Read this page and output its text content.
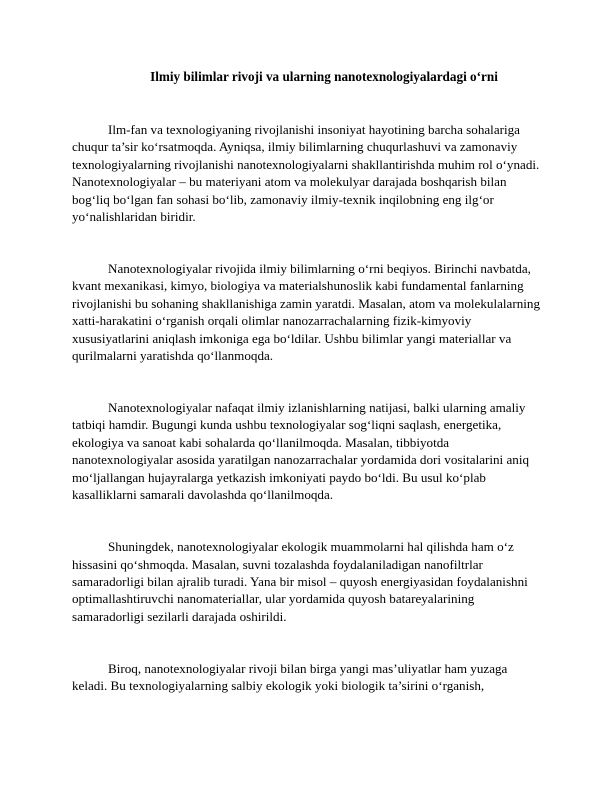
Ilmiy bilimlar rivoji va ularning nanotexnologiyalardagi o‘rni

Ilm-fan va texnologiyaning rivojlanishi insoniyat hayotining barcha sohalariga chuqur ta’sir ko‘rsatmoqda. Ayniqsa, ilmiy bilimlarning chuqurlashuvi va zamonaviy texnologiyalarning rivojlanishi nanotexnologiyalarni shakllantirishda muhim rol o‘ynadi. Nanotexnologiyalar – bu materiyani atom va molekulyar darajada boshqarish bilan bog‘liq bo‘lgan fan sohasi bo‘lib, zamonaviy ilmiy-texnik inqilobning eng ilg‘or yo‘nalishlaridan biridir.

Nanotexnologiyalar rivojida ilmiy bilimlarning o‘rni beqiyos. Birinchi navbatda, kvant mexanikasi, kimyo, biologiya va materialshunoslik kabi fundamental fanlarning rivojlanishi bu sohaning shakllanishiga zamin yaratdi. Masalan, atom va molekulalarning xatti-harakatini o‘rganish orqali olimlar nanozarrachalarning fizik-kimyoviy xususiyatlarini aniqlash imkoniga ega bo‘ldilar. Ushbu bilimlar yangi materiallar va qurilmalarni yaratishda qo‘llanmoqda.

Nanotexnologiyalar nafaqat ilmiy izlanishlarning natijasi, balki ularning amaliy tatbiqi hamdir. Bugungi kunda ushbu texnologiyalar sog‘liqni saqlash, energetika, ekologiya va sanoat kabi sohalarda qo‘llanilmoqda. Masalan, tibbiyotda nanotexnologiyalar asosida yaratilgan nanozarrachalar yordamida dori vositalarini aniq mo‘ljallangan hujayralarga yetkazish imkoniyati paydo bo‘ldi. Bu usul ko‘plab kasalliklarni samarali davolashda qo‘llanilmoqda.

Shuningdek, nanotexnologiyalar ekologik muammolarni hal qilishda ham o‘z hissasini qo‘shmoqda. Masalan, suvni tozalashda foydalaniladigan nanofiltrlar samaradorligi bilan ajralib turadi. Yana bir misol – quyosh energiyasidan foydalanishni optimallashtiruvchi nanomateriallar, ular yordamida quyosh batareyalarining samaradorligi sezilarli darajada oshirildi.

Biroq, nanotexnologiyalar rivoji bilan birga yangi mas’uliyatlar ham yuzaga keladi. Bu texnologiyalarning salbiy ekologik yoki biologik ta’sirini o‘rganish,
